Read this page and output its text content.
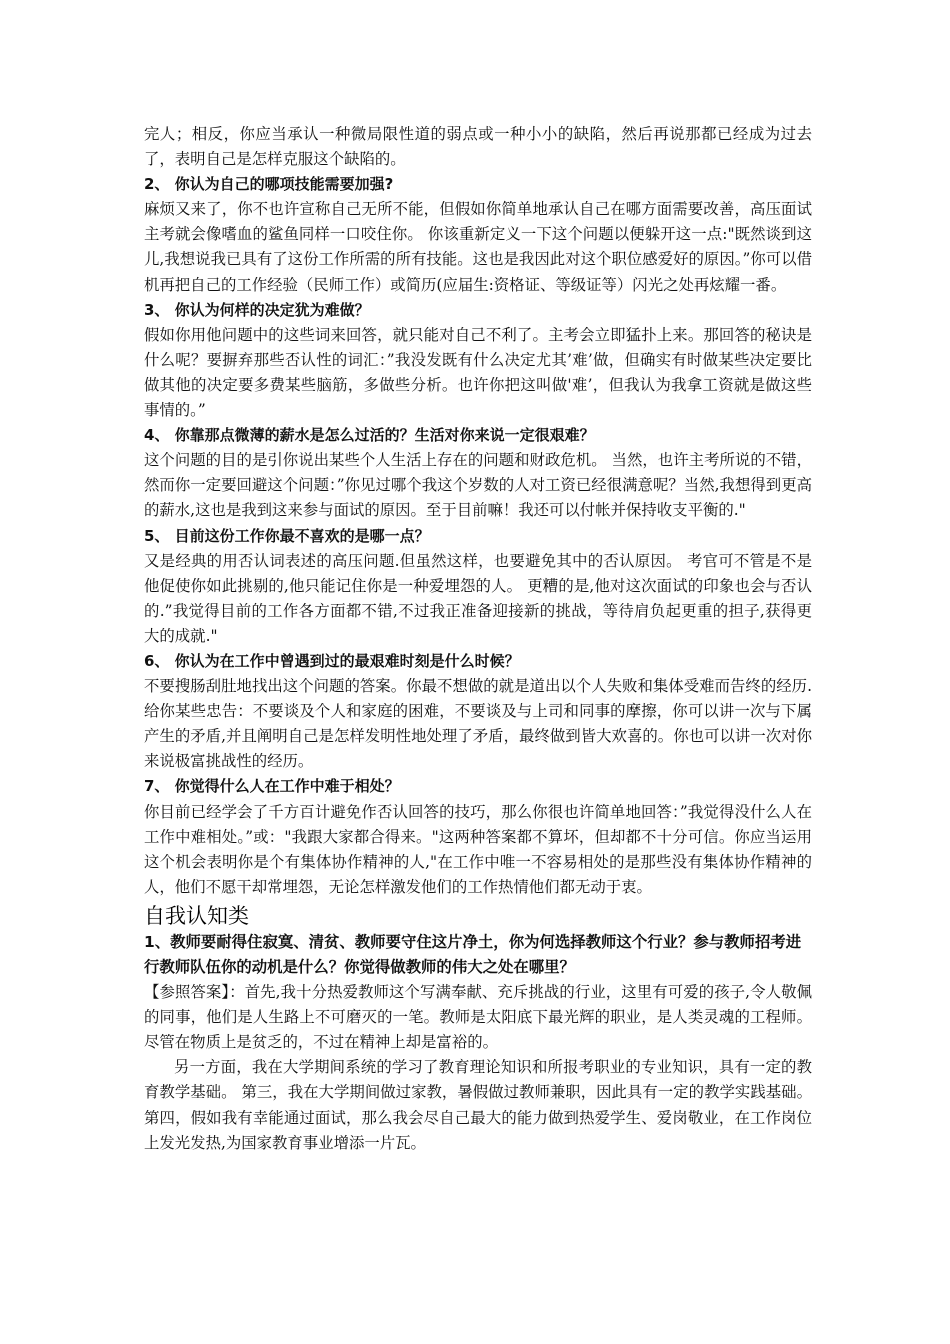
完人；相反，你应当承认一种微局限性道的弱点或一种小小的缺陷，然后再说那都已经成为过去了，表明自己是怎样克服这个缺陷的。

2、 你认为自己的哪项技能需要加强?

麻烦又来了，你不也许宣称自己无所不能，但假如你简单地承认自己在哪方面需要改善，高压面试主考就会像嗜血的鲨鱼同样一口咬住你。 你该重新定义一下这个问题以便躲开这一点:"既然谈到这儿,我想说我已具有了这份工作所需的所有技能。这也是我因此对这个职位感爱好的原因。”你可以借机再把自己的工作经验（民师工作）或简历(应届生:资格证、等级证等）闪光之处再炫耀一番。

3、 你认为何样的决定犹为难做？

假如你用他问题中的这些词来回答，就只能对自己不利了。主考会立即猛扑上来。那回答的秘诀是什么呢？要摒弃那些否认性的词汇：”我没发既有什么决定尤其’难’做，但确实有时做某些决定要比做其他的决定要多费某些脑筋，多做些分析。也许你把这叫做'难’，但我认为我拿工资就是做这些事情的。”

4、 你靠那点微薄的薪水是怎么过活的？生活对你来说一定很艰难？

这个问题的目的是引你说出某些个人生活上存在的问题和财政危机。 当然，也许主考所说的不错，然而你一定要回避这个问题：”你见过哪个我这个岁数的人对工资已经很满意呢？当然,我想得到更高的薪水,这也是我到这来参与面试的原因。至于目前嘛！我还可以付帐并保持收支平衡的."

5、 目前这份工作你最不喜欢的是哪一点？

又是经典的用否认词表述的高压问题.但虽然这样，也要避免其中的否认原因。 考官可不管是不是他促使你如此挑剔的,他只能记住你是一种爱埋怨的人。 更糟的是,他对这次面试的印象也会与否认的.”我觉得目前的工作各方面都不错,不过我正准备迎接新的挑战，等待肩负起更重的担子,获得更大的成就."

6、 你认为在工作中曾遇到过的最艰难时刻是什么时候？

不要搜肠刮肚地找出这个问题的答案。你最不想做的就是道出以个人失败和集体受难而告终的经历.给你某些忠告：不要谈及个人和家庭的困难，不要谈及与上司和同事的摩擦，你可以讲一次与下属产生的矛盾,并且阐明自己是怎样发明性地处理了矛盾，最终做到皆大欢喜的。你也可以讲一次对你来说极富挑战性的经历。

7、 你觉得什么人在工作中难于相处？

你目前已经学会了千方百计避免作否认回答的技巧，那么你很也许简单地回答：”我觉得没什么人在工作中难相处。”或："我跟大家都合得来。"这两种答案都不算坏，但却都不十分可信。你应当运用这个机会表明你是个有集体协作精神的人,"在工作中唯一不容易相处的是那些没有集体协作精神的人，他们不愿干却常埋怨，无论怎样激发他们的工作热情他们都无动于衷。

自我认知类

1、教师要耐得住寂寞、清贫、教师要守住这片净土，你为何选择教师这个行业？参与教师招考进行教师队伍你的动机是什么？你觉得做教师的伟大之处在哪里？

【参照答案】：首先,我十分热爱教师这个写满奉献、充斥挑战的行业，这里有可爱的孩子,令人敬佩的同事，他们是人生路上不可磨灭的一笔。教师是太阳底下最光辉的职业，是人类灵魂的工程师。尽管在物质上是贫乏的，不过在精神上却是富裕的。

另一方面，我在大学期间系统的学习了教育理论知识和所报考职业的专业知识，具有一定的教育教学基础。 第三，我在大学期间做过家教，暑假做过教师兼职，因此具有一定的教学实践基础。 第四，假如我有幸能通过面试，那么我会尽自己最大的能力做到热爱学生、爱岗敬业，在工作岗位上发光发热,为国家教育事业增添一片瓦。
